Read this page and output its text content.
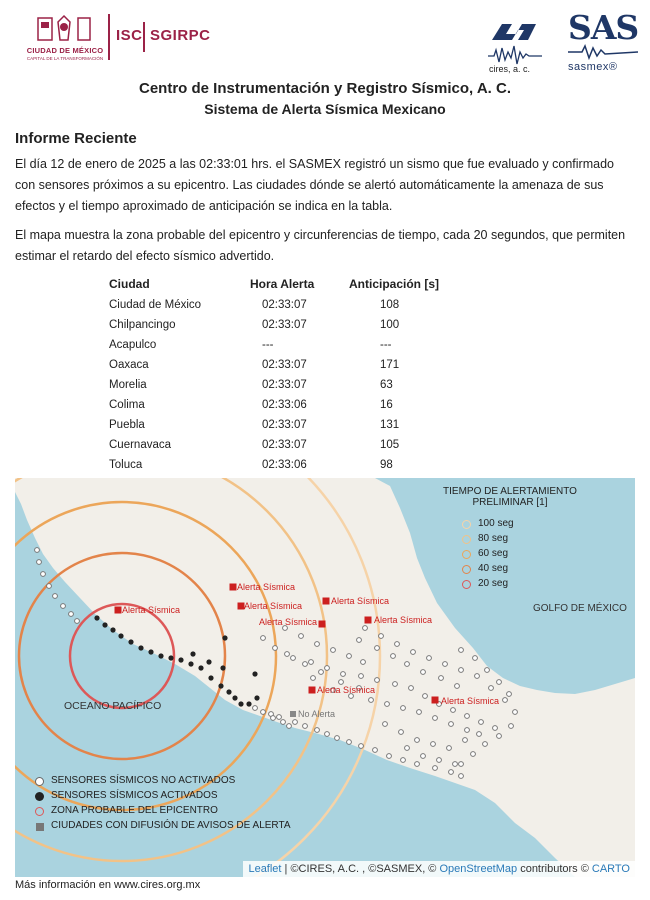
CIUDAD DE MÉXICO
CAPITAL DE LA TRANSFORMACIÓN
ISC SGIRPC
cires, a. c.
SAS
sasmex®
Centro de Instrumentación y Registro Sísmico, A. C.
Sistema de Alerta Sísmica Mexicano
Informe Reciente
El día 12 de enero de 2025 a las 02:33:01 hrs. el SASMEX registró un sismo que fue evaluado y confirmado con sensores próximos a su epicentro. Las ciudades dónde se alertó automáticamente la amenaza de sus efectos y el tiempo aproximado de anticipación se indica en la tabla.
El mapa muestra la zona probable del epicentro y circunferencias de tiempo, cada 20 segundos, que permiten estimar el retardo del efecto sísmico advertido.
Ciudad	Hora Alerta	Anticipación [s]
Ciudad de México	02:33:07	108
Chilpancingo	02:33:07	100
Acapulco	---	---
Oaxaca	02:33:07	171
Morelia	02:33:07	63
Colima	02:33:06	16
Puebla	02:33:07	131
Cuernavaca	02:33:07	105
Toluca	02:33:06	98
TIEMPO DE ALERTAMIENTO
PRELIMINAR [1]
100 seg
80 seg
60 seg
40 seg
20 seg
GOLFO DE MÉXICO
OCEANO PACÍFICO
Alerta Sísmica
Alerta Sísmica	Alerta Sísmica	Alerta Sísmica
Alerta Sísmica	Alerta Sísmica
Alerta Sísmica
Alerta Sísmica
No Alerta
SENSORES SÍSMICOS NO ACTIVADOS
SENSORES SÍSMICOS ACTIVADOS
ZONA PROBABLE DEL EPICENTRO
CIUDADES CON DIFUSIÓN DE AVISOS DE ALERTA
Leaflet | ©CIRES, A.C. , ©SASMEX, © OpenStreetMap contributors © CARTO
Más información en www.cires.org.mx
